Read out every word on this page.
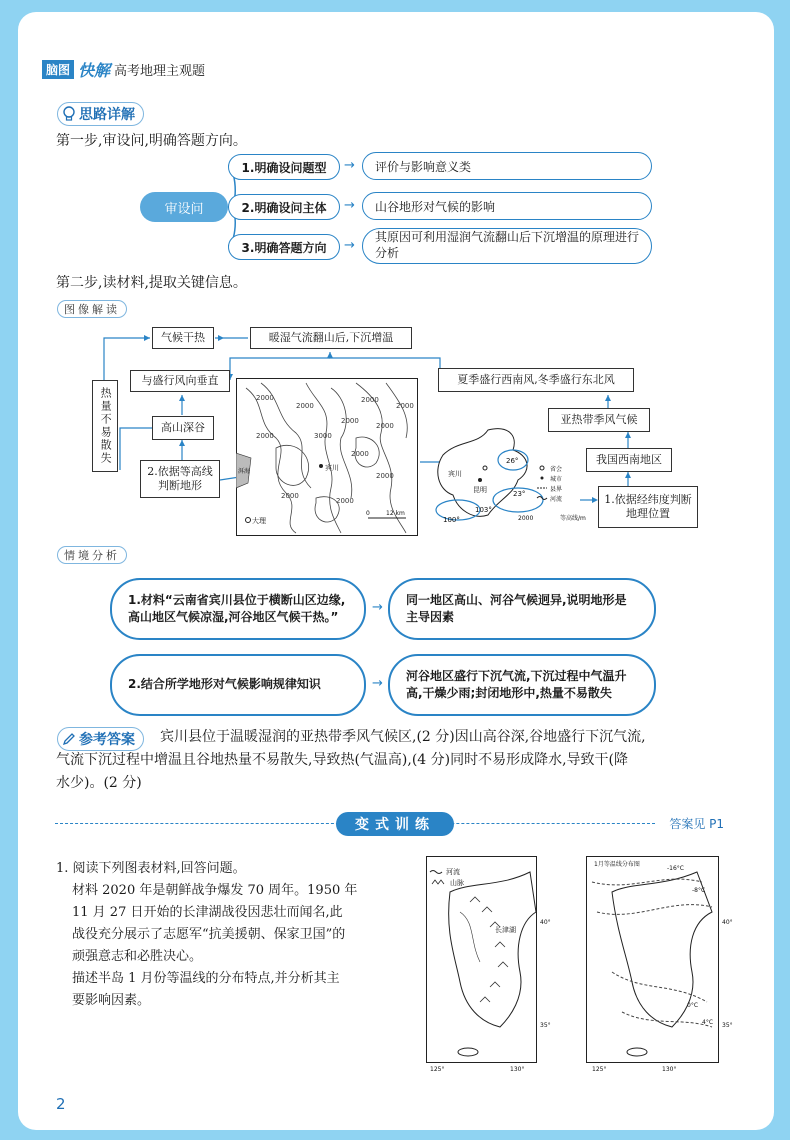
脑图 快解 高考地理主观题
思路详解
第一步,审设问,明确答题方向。
审设问
1.明确设问题型	→	评价与影响意义类
2.明确设问主体	→	山谷地形对气候的影响
3.明确答题方向	→
其原因可利用湿润气流翻山后下沉增温的原理进行分析
第二步,读材料,提取关键信息。
图像解读
气候干热	暖湿气流翻山后,下沉增温
热量不易散失
与盛行风向垂直
高山深谷
2.依据等高线判断地形
夏季盛行西南风,冬季盛行东北风
亚热带季风气候
我国西南地区
1.依据经纬度判断地理位置
2000
2000
2000
2000
2000
2000
2000
3000
2000
2000
2000
2000
宾川
大理
洱海
0	12 km
宾川
昆明
26°
23°
100°
103°
省会
城市
县界
河流
2000	等高线/m
情境分析
1.材料“云南省宾川县位于横断山区边缘,高山地区气候凉湿,河谷地区气候干热。”
→
同一地区高山、河谷气候迥异,说明地形是主导因素
2.结合所学地形对气候影响规律知识	→
河谷地区盛行下沉气流,下沉过程中气温升高,干燥少雨;封闭地形中,热量不易散失
参考答案 宾川县位于温暖湿润的亚热带季风气候区,(2 分)因山高谷深,谷地盛行下沉气流,
气流下沉过程中增温且谷地热量不易散失,导致热(气温高),(4 分)同时不易形成降水,导致干(降
水少)。(2 分)
变式训练	答案见 P1
1. 阅读下列图表材料,回答问题。
材料 2020 年是朝鲜战争爆发 70 周年。1950 年
11 月 27 日开始的长津湖战役因悲壮而闻名,此
战役充分展示了志愿军“抗美援朝、保家卫国”的
顽强意志和必胜决心。
描述半岛 1 月份等温线的分布特点,并分析其主
要影响因素。
河流
山脉
长津湖
40°
35°
125°	130°
1月等温线分布图
-16°C
-8°C
0°C
4°C
40°
35°
125°	130°
2
